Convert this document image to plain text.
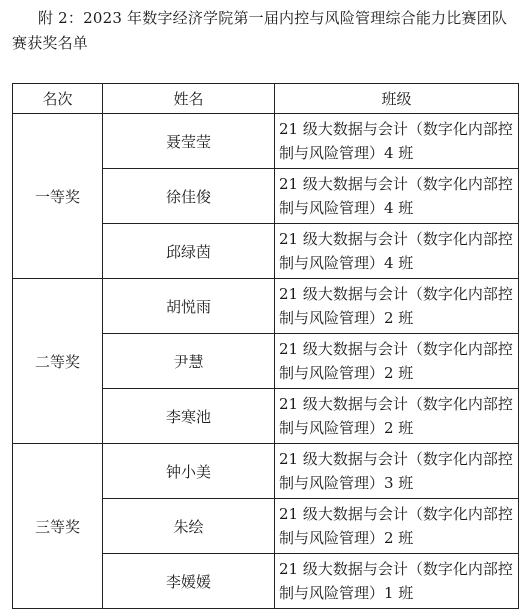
附 2：2023 年数字经济学院第一届内控与风险管理综合能力比赛团队赛获奖名单
名次	姓名	班级
一等奖	聂莹莹	21 级大数据与会计（数字化内部控制与风险管理）4 班
	徐佳俊	21 级大数据与会计（数字化内部控制与风险管理）4 班
	邱绿茵	21 级大数据与会计（数字化内部控制与风险管理）4 班
二等奖	胡悦雨	21 级大数据与会计（数字化内部控制与风险管理）2 班
	尹慧	21 级大数据与会计（数字化内部控制与风险管理）2 班
	李寒池	21 级大数据与会计（数字化内部控制与风险管理）2 班
三等奖	钟小美	21 级大数据与会计（数字化内部控制与风险管理）3 班
	朱绘	21 级大数据与会计（数字化内部控制与风险管理）2 班
	李媛媛	21 级大数据与会计（数字化内部控制与风险管理）1 班
